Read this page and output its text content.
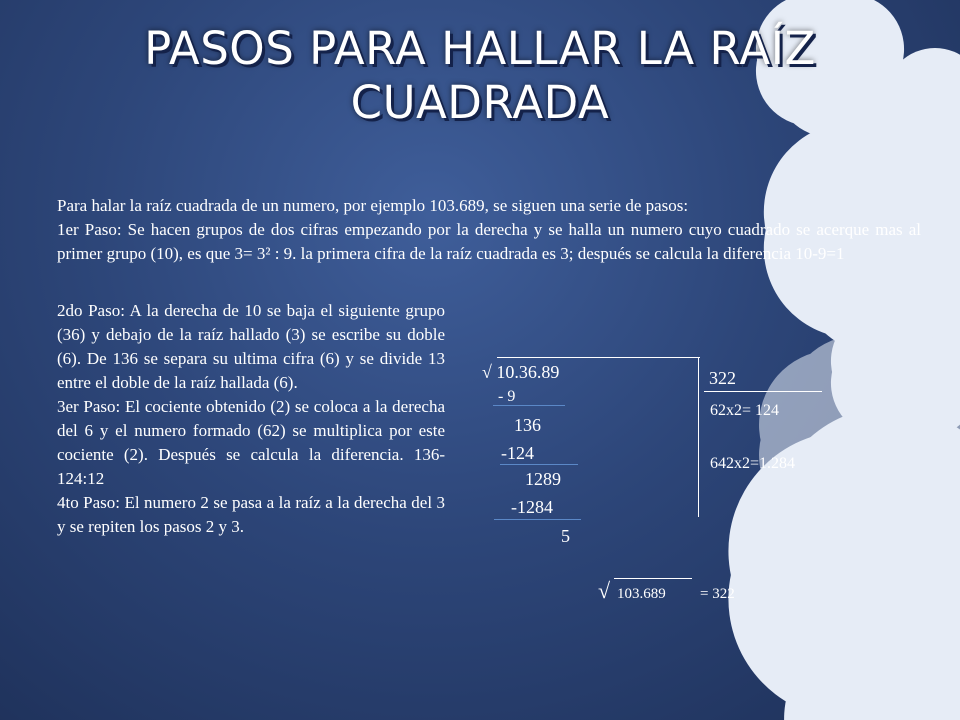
PASOS PARA HALLAR LA RAÍZ
CUADRADA

Para halar la raíz cuadrada de un numero, por ejemplo 103.689, se siguen una serie de pasos:

1er Paso: Se hacen grupos de dos cifras empezando por la derecha y se halla un numero cuyo cuadrado se acerque mas al primer grupo (10), es que 3= 3² : 9. la primera cifra de la raíz cuadrada es 3; después se calcula la diferencia 10-9=1

2do Paso: A la derecha de 10 se baja el siguiente grupo (36) y debajo de la raíz hallado (3) se escribe su doble (6). De 136 se separa su ultima cifra (6) y se divide 13 entre el doble de la raíz hallada (6).

3er Paso: El cociente obtenido (2) se coloca a la derecha del 6 y el numero formado (62) se multiplica por este cociente (2). Después se calcula la diferencia. 136-124:12

4to Paso: El numero 2 se pasa a la raíz a la derecha del 3 y se repiten los pasos 2 y 3.

√ 10.36.89
- 9
136
-124
1289
-1284
5
322
62x2= 124
642x2=1.284
√ 103.689 = 322
